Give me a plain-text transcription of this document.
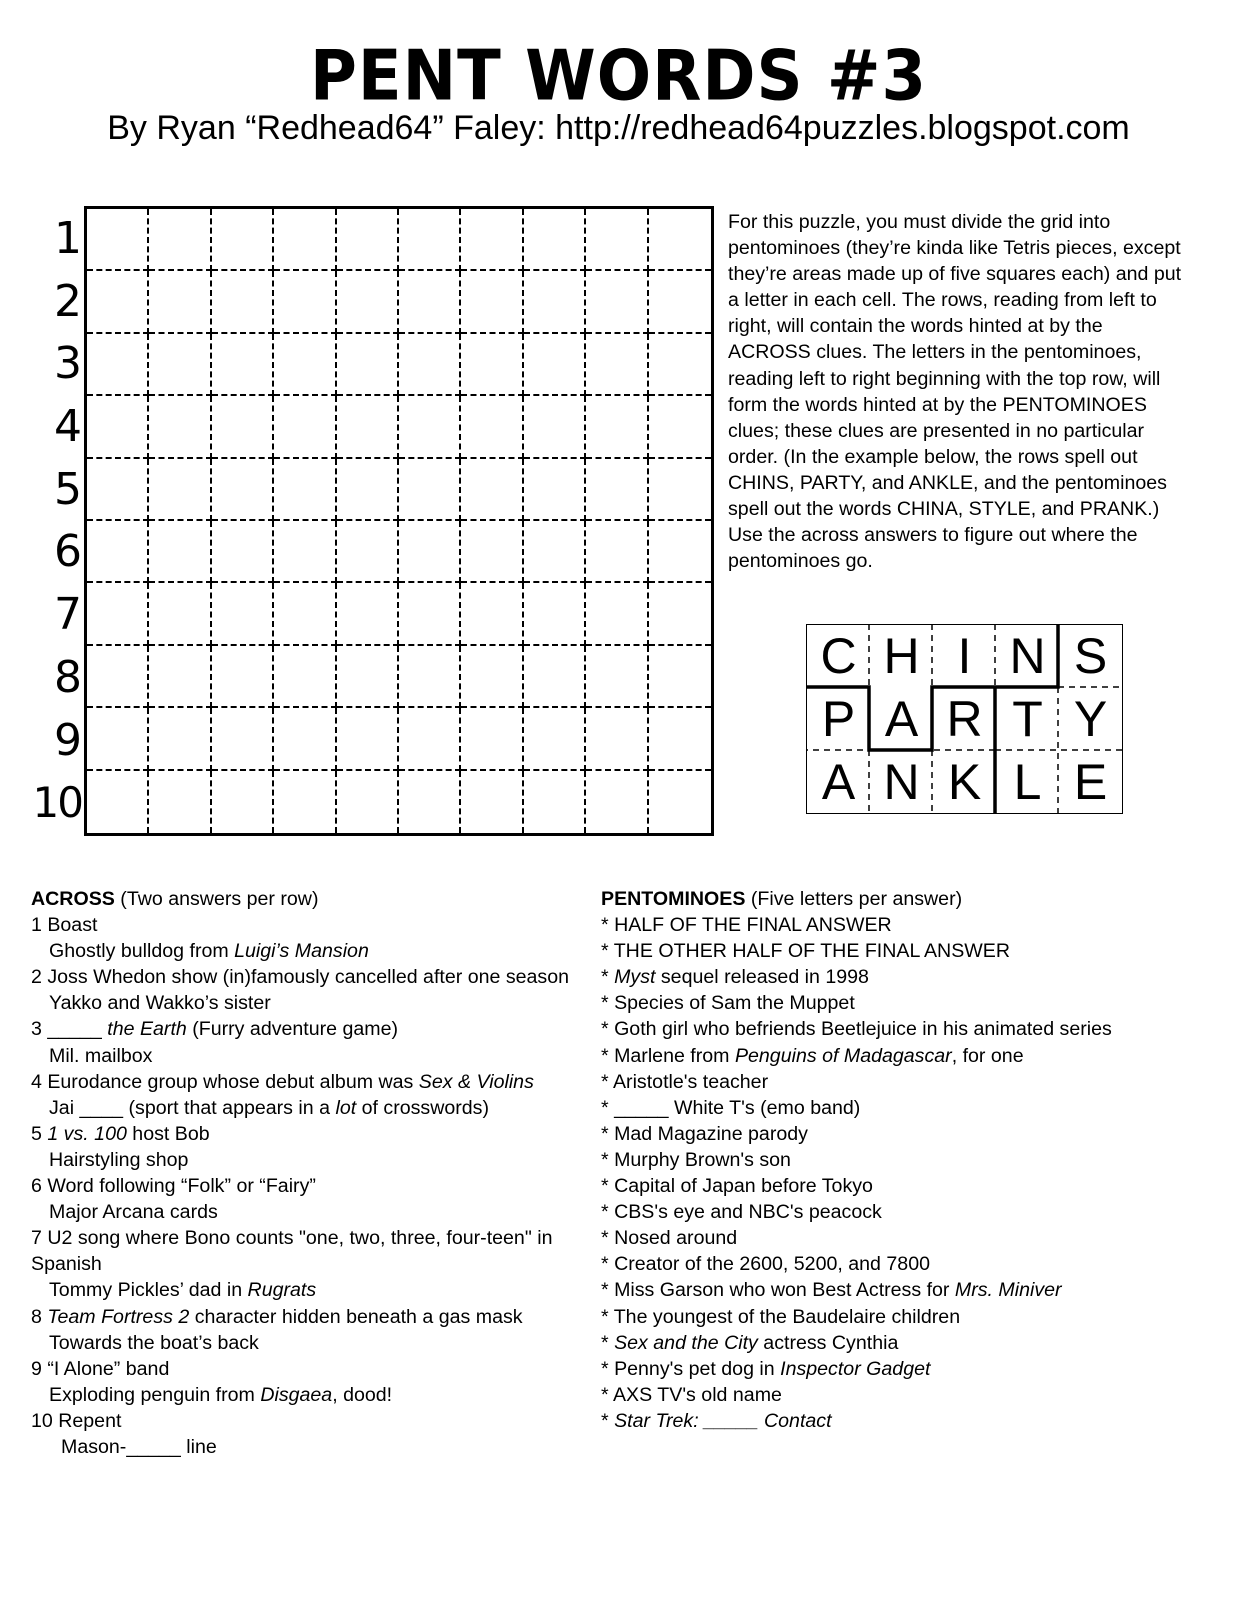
PENT WORDS #3
By Ryan “Redhead64” Faley: http://redhead64puzzles.blogspot.com
1
2
3
4
5
6
7
8
9
10
For this puzzle, you must divide the grid into pentominoes (they’re kinda like Tetris pieces, except they’re areas made up of five squares each) and put a letter in each cell. The rows, reading from left to right, will contain the words hinted at by the ACROSS clues. The letters in the pentominoes, reading left to right beginning with the top row, will form the words hinted at by the PENTOMINOES clues; these clues are presented in no particular order. (In the example below, the rows spell out CHINS, PARTY, and ANKLE, and the pentominoes spell out the words CHINA, STYLE, and PRANK.) Use the across answers to figure out where the pentominoes go.
C H I N S
P A R T Y
A N K L E
ACROSS (Two answers per row)
1 Boast
Ghostly bulldog from Luigi’s Mansion
2 Joss Whedon show (in)famously cancelled after one season
Yakko and Wakko’s sister
3 _____ the Earth (Furry adventure game)
Mil. mailbox
4 Eurodance group whose debut album was Sex & Violins
Jai ____ (sport that appears in a lot of crosswords)
5 1 vs. 100 host Bob
Hairstyling shop
6 Word following “Folk” or “Fairy”
Major Arcana cards
7 U2 song where Bono counts "one, two, three, four-teen" in Spanish
Tommy Pickles’ dad in Rugrats
8 Team Fortress 2 character hidden beneath a gas mask
Towards the boat’s back
9 “I Alone” band
Exploding penguin from Disgaea, dood!
10 Repent
Mason-_____ line
PENTOMINOES (Five letters per answer)
* HALF OF THE FINAL ANSWER
* THE OTHER HALF OF THE FINAL ANSWER
* Myst sequel released in 1998
* Species of Sam the Muppet
* Goth girl who befriends Beetlejuice in his animated series
* Marlene from Penguins of Madagascar, for one
* Aristotle's teacher
* _____ White T's (emo band)
* Mad Magazine parody
* Murphy Brown's son
* Capital of Japan before Tokyo
* CBS's eye and NBC's peacock
* Nosed around
* Creator of the 2600, 5200, and 7800
* Miss Garson who won Best Actress for Mrs. Miniver
* The youngest of the Baudelaire children
* Sex and the City actress Cynthia
* Penny's pet dog in Inspector Gadget
* AXS TV's old name
* Star Trek: _____ Contact
